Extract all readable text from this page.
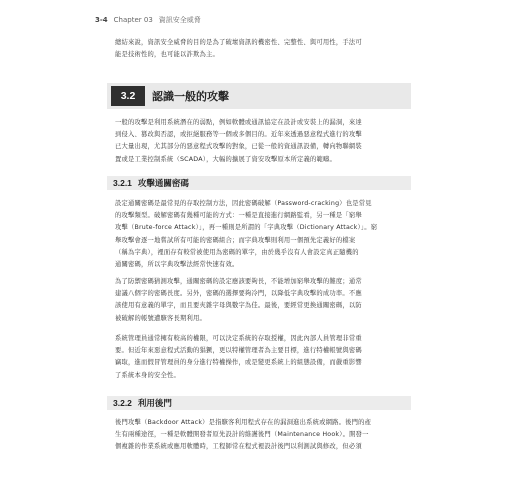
3-4 Chapter 03 資訊安全威脅
總結來說，資訊安全威脅的目的是為了破壞資訊的機密性、完整性、與可用性，手法可
能是技術性的，也可能以詐欺為主。
3.2	認識一般的攻擊
一般的攻擊是利用系統潛在的弱點，例如軟體或通訊協定在設計或安裝上的漏洞，來達
到侵入、篡改與否認，或拒絕服務等一個或多個目的。近年來透過惡意程式進行的攻擊
已大量出現，尤其部分的惡意程式攻擊的對象，已從一般的資通訊設備，轉向物聯網裝
置或是工業控制系統（SCADA），大幅的擴展了資安攻擊原本所定義的範疇。
3.2.1 攻擊通關密碼
設定通關密碼是最常見的存取控制方法，因此密碼破解（Password-cracking）也是常見
的攻擊類型。破解密碼有幾種可能的方式：一種是直接進行網路監看，另一種是「窮舉
攻擊（Brute-force Attack）」，再一種則是所謂的「字典攻擊（Dictionary Attack）」。窮
舉攻擊會逐一地嘗試所有可能的密碼組合；而字典攻擊則利用一個預先定義好的檔案
（稱為字典），裡面存有較常被使用為密碼的單字，由於幾乎沒有人會設定真正隨機的
通關密碼，所以字典攻擊法經常快速有效。
為了防禦密碼猜測攻擊，通關密碼的設定應該要夠長，不能增加窮舉攻擊的難度；通常
建議八個字的密碼長度。另外，密碼的選擇要夠冷門，以降低字典攻擊的成功率。不應
該使用有意義的單字，而且要夾雜字母與數字為佳。最後，要經常更換通關密碼，以防
被破解的帳號遭駭客長期利用。
系統管理員通常擁有較高的權限，可以決定系統的存取授權，因此內部人員管理非常重
要。但近年來惡意程式活動的猖獗，更以特權管理者為主要目標，進行特權帳號與密碼
竊取，進而假冒管理員的身分進行特權操作，或是變更系統上的組態設備，而嚴重影響
了系統本身的安全性。
3.2.2 利用後門
後門攻擊（Backdoor Attack）是指駭客利用程式存在的漏洞進出系統或網路。後門的產
生有兩種途徑，一種是軟體開發者原先設計的維護後門（Maintenance Hook）。開發一
個複雜的作業系統或應用軟體時，工程師常在程式裡設計後門以利測試與修改，但必須
